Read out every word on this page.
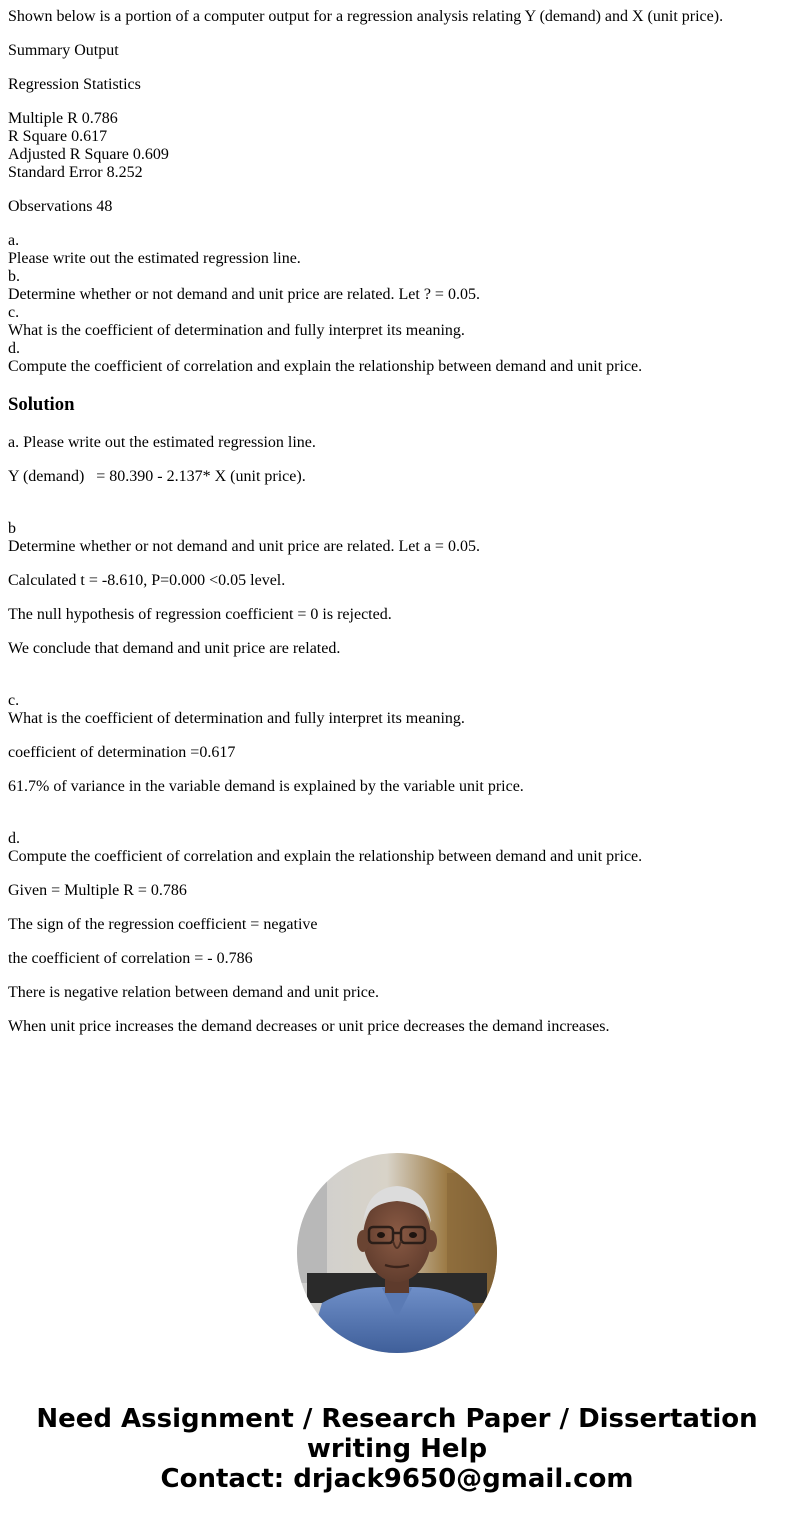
Shown below is a portion of a computer output for a regression analysis relating Y (demand) and X (unit price).

Summary Output

Regression Statistics

Multiple R 0.786
R Square 0.617
Adjusted R Square 0.609
Standard Error 8.252

Observations 48

a.
Please write out the estimated regression line.
b.
Determine whether or not demand and unit price are related. Let ? = 0.05.
c.
What is the coefficient of determination and fully interpret its meaning.
d.
Compute the coefficient of correlation and explain the relationship between demand and unit price.

Solution

a. Please write out the estimated regression line.

Y (demand)   = 80.390 - 2.137* X (unit price).

b
Determine whether or not demand and unit price are related. Let a = 0.05.

Calculated t = -8.610, P=0.000 <0.05 level.

The null hypothesis of regression coefficient = 0 is rejected.

We conclude that demand and unit price are related.

c.
What is the coefficient of determination and fully interpret its meaning.

coefficient of determination =0.617

61.7% of variance in the variable demand is explained by the variable unit price.

d.
Compute the coefficient of correlation and explain the relationship between demand and unit price.

Given = Multiple R = 0.786

The sign of the regression coefficient = negative

the coefficient of correlation = - 0.786

There is negative relation between demand and unit price.

When unit price increases the demand decreases or unit price decreases the demand increases.

Need Assignment / Research Paper / Dissertation
writing Help
Contact: drjack9650@gmail.com
